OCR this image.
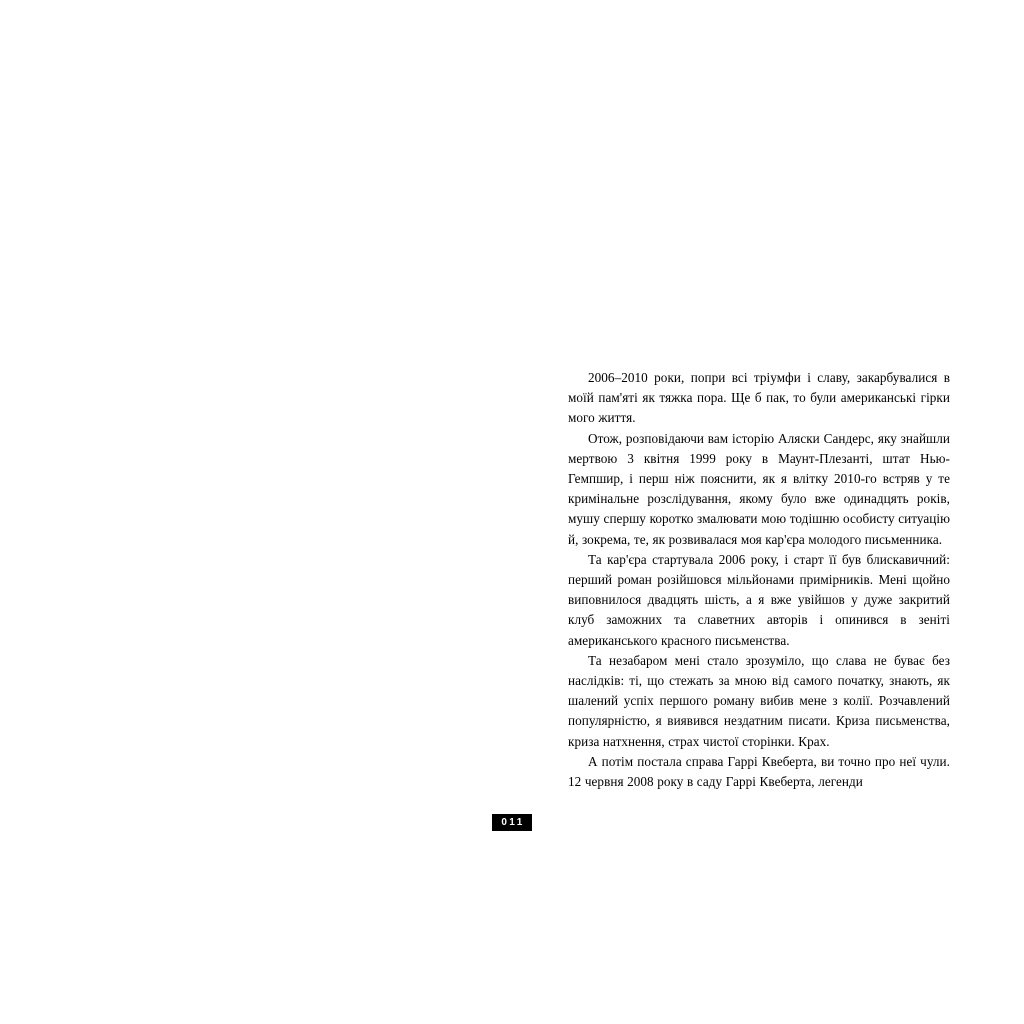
2006–2010 роки, попри всі тріумфи і славу, закарбувалися в моїй пам'яті як тяжка пора. Ще б пак, то були американські гірки мого життя.

Отож, розповідаючи вам історію Аляски Сандерс, яку знайшли мертвою 3 квітня 1999 року в Маунт-Плезанті, штат Нью-Гемпшир, і перш ніж пояснити, як я влітку 2010-го встряв у те кримінальне розслідування, якому було вже одинадцять років, мушу спершу коротко змалювати мою тодішню особисту ситуацію й, зокрема, те, як розвивалася моя кар'єра молодого письменника.

Та кар'єра стартувала 2006 року, і старт її був блискавичний: перший роман розійшовся мільйонами примірників. Мені щойно виповнилося двадцять шість, а я вже увійшов у дуже закритий клуб заможних та славетних авторів і опинився в зеніті американського красного письменства.

Та незабаром мені стало зрозуміло, що слава не буває без наслідків: ті, що стежать за мною від самого початку, знають, як шалений успіх першого роману вибив мене з колії. Розчавлений популярністю, я виявився нездатним писати. Криза письменства, криза натхнення, страх чистої сторінки. Крах.

А потім постала справа Гаррі Квеберта, ви точно про неї чули. 12 червня 2008 року в саду Гаррі Квеберта, легенди

011
